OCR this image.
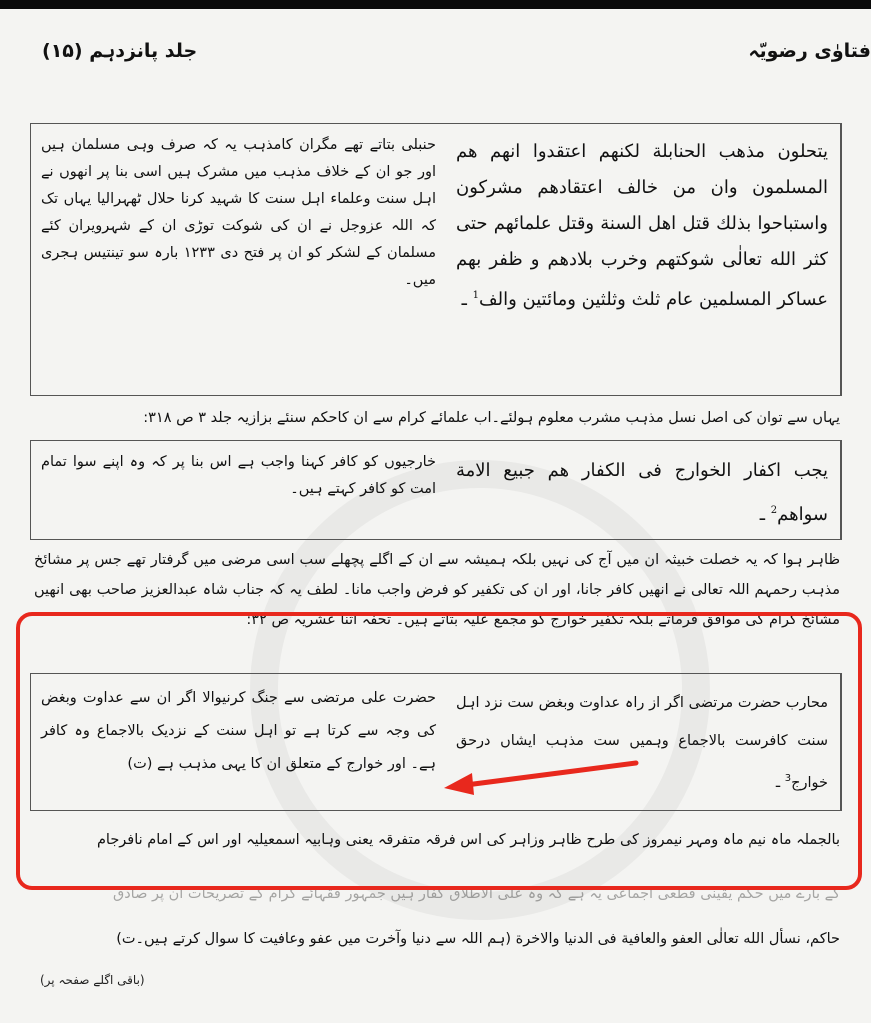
جلد پانزدہم (۱۵)	فتاوٰی رضویّہ
حنبلی بتاتے تھے مگران کامذہب یہ کہ صرف وہی مسلمان ہیں اور جو ان کے خلاف مذہب میں مشرک ہیں اسی بنا پر انھوں نے اہل سنت وعلماء اہل سنت کا شہید کرنا حلال ٹھہرالیا یہاں تک کہ اللہ عزوجل نے ان کی شوکت توڑی ان کے شہرویران کئے مسلمان کے لشکر کو ان پر فتح دی ۱۲۳۳ بارہ سو تینتیس ہجری میں۔
يتحلون مذهب الحنابلة لكنهم اعتقدوا انهم هم المسلمون وان من خالف اعتقادهم مشركون واستباحوا بذلك قتل اهل السنة وقتل علمائهم حتى كثر الله تعالٰى شوكتهم وخرب بلادهم و ظفر بهم عساكر المسلمين عام ثلث وثلثين ومائتين والف$^1$ ـ
یہاں سے توان کی اصل نسل مذہب مشرب معلوم ہولئے۔اب علمائے کرام سے ان کاحکم سنئے بزازیہ جلد ۳ ص ۳۱۸:
خارجیوں کو کافر کہنا واجب ہے اس بنا پر کہ وہ اپنے سوا تمام امت کو کافر کہتے ہیں۔
يجب اكفار الخوارج فى الكفار هم جبيع الامة سواهم$^2$ ـ
ظاہر ہوا کہ یہ خصلت خبیثہ ان میں آج کی نہیں بلکہ ہمیشہ سے ان کے اگلے پچھلے سب اسی مرضی میں گرفتار تھے جس پر مشائخ مذہب رحمہم اللہ تعالی نے انھیں کافر جانا، اور ان کی تکفیر کو فرض واجب مانا۔ لطف یہ کہ جناب شاہ عبدالعزیز صاحب بھی انھیں مشائخ کرام کی موافق فرماتے بلکہ تکفیر خوارج کو مجمع علیہ بتاتے ہیں۔ تحفہ اثنا عشریہ ص ۳۲:
حضرت علی مرتضی سے جنگ کرنیوالا اگر ان سے عداوت وبغض کی وجہ سے کرتا ہے تو اہل سنت کے نزدیک بالاجماع وہ کافر ہے۔ اور خوارج کے متعلق ان کا یہی مذہب ہے (ت)
محارب حضرت مرتضی اگر از راہ عداوت وبغض ست نزد اہل سنت کافرست بالاجماع وہمیں ست مذہب ایشاں درحق خوارج$^3$ ـ
بالجملہ ماہ نیم ماہ ومہر نیمروز کی طرح ظاہر وزاہر کی اس فرقہ متفرقہ یعنی وہابیہ اسمعیلیہ اور اس کے امام نافرجام
کے بارے میں حکم یقینی قطعی اجماعی یہ ہے کہ وہ علی الاطلاق کفار ہیں جمہور فقہائے کرام کے تصریحات ان پر صادق
حاکم، نسأل الله تعالٰى العفو والعافية فى الدنيا والاخرة (ہم اللہ سے دنیا وآخرت میں عفو وعافیت کا سوال کرتے ہیں۔ت)
(باقی اگلے صفحہ پر)
